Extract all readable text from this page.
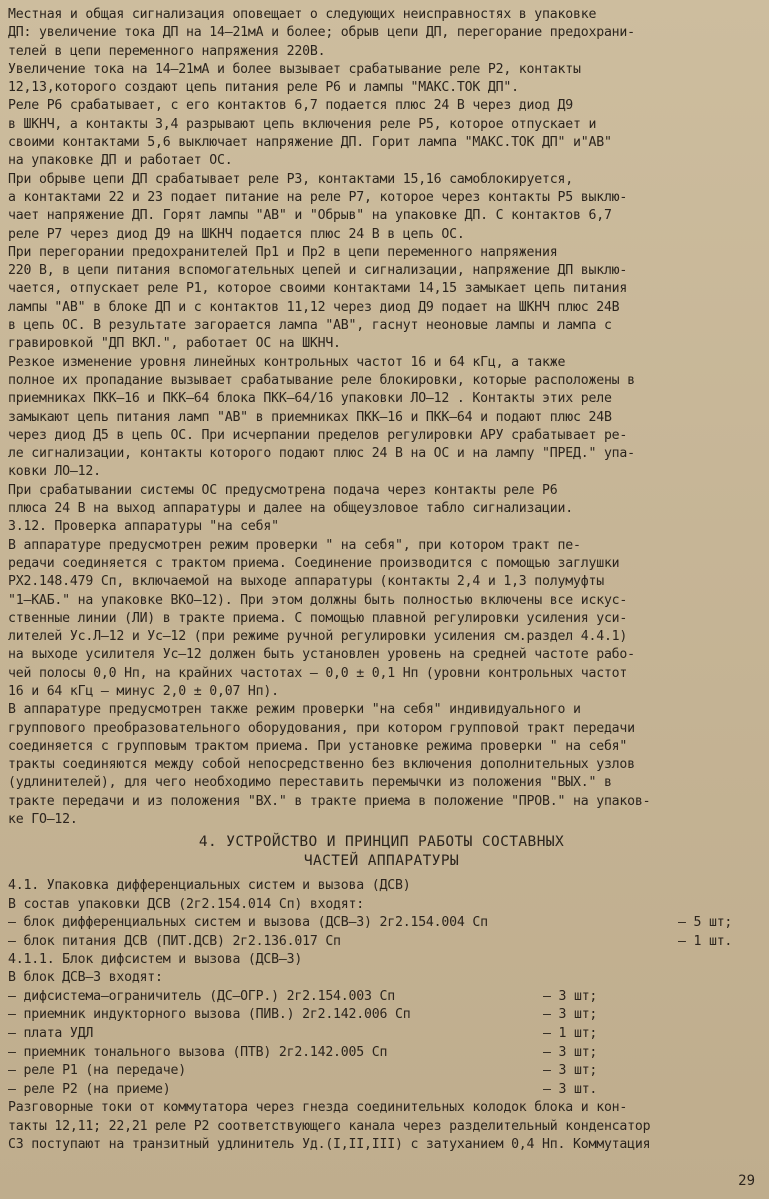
Местная и общая сигнализация оповещает о следующих неисправностях в упаковке
ДП: увеличение тока ДП на 14–21мА и более; обрыв цепи ДП, перегорание предохрани-
телей в цепи переменного напряжения 220В.

Увеличение тока на 14–21мА и более вызывает срабатывание реле Р2, контакты
12,13,которого создают цепь питания реле Р6 и лампы "МАКС.ТОК ДП".
Реле Р6 срабатывает, с его контактов 6,7 подается плюс 24 В через диод Д9
в ШКНЧ, а контакты 3,4 разрывают цепь включения реле Р5, которое отпускает и
своими контактами 5,6 выключает напряжение ДП. Горит лампа "МАКС.ТОК ДП" и"АВ"
на упаковке ДП и работает ОС.

При обрыве цепи ДП срабатывает реле Р3, контактами 15,16 самоблокируется,
а контактами 22 и 23 подает питание на реле Р7, которое через контакты Р5 выклю-
чает напряжение ДП. Горят лампы "АВ" и "Обрыв" на упаковке ДП. С контактов 6,7
реле Р7 через диод Д9 на ШКНЧ подается плюс 24 В в цепь ОС.

При перегорании предохранителей Пр1 и Пр2 в цепи переменного напряжения
220 В, в цепи питания вспомогательных цепей и сигнализации, напряжение ДП выклю-
чается, отпускает реле Р1, которое своими контактами 14,15 замыкает цепь питания
лампы "АВ" в блоке ДП и с контактов 11,12 через диод Д9 подает на ШКНЧ плюс 24В
в цепь ОС. В результате загорается лампа "АВ", гаснут неоновые лампы и лампа с
гравировкой "ДП ВКЛ.", работает ОС на ШКНЧ.

Резкое изменение уровня линейных контрольных частот 16 и 64 кГц, а также
полное их пропадание вызывает срабатывание реле блокировки, которые расположены в
приемниках ПКК–16 и ПКК–64 блока ПКК–64/16 упаковки ЛО–12 . Контакты этих реле
замыкают цепь питания ламп "АВ" в приемниках ПКК–16 и ПКК–64 и подают плюс 24В
через диод Д5 в цепь ОС. При исчерпании пределов регулировки АРУ срабатывает ре-
ле сигнализации, контакты которого подают плюс 24 В на ОС и на лампу "ПРЕД." упа-
ковки ЛО–12.

При срабатывании системы ОС предусмотрена подача через контакты реле Р6
плюса 24 В на выход аппаратуры и далее на общеузловое табло сигнализации.
3.12. Проверка аппаратуры "на себя"

В аппаратуре предусмотрен режим проверки " на себя", при котором тракт пе-
редачи соединяется с трактом приема. Соединение производится с помощью заглушки
РХ2.148.479 Сп, включаемой на выходе аппаратуры (контакты 2,4 и 1,3 полумуфты
"1–КАБ." на упаковке ВКО–12). При этом должны быть полностью включены все искус-
ственные линии (ЛИ) в тракте приема. С помощью плавной регулировки усиления уси-
лителей Ус.Л–12 и Ус–12 (при режиме ручной регулировки усиления см.раздел 4.4.1)
на выходе усилителя Ус–12 должен быть установлен уровень на средней частоте рабо-
чей полосы 0,0 Нп, на крайних частотах – 0,0 ± 0,1 Нп (уровни контрольных частот
16 и 64 кГц – минус 2,0 ± 0,07 Нп).

В аппаратуре предусмотрен также режим проверки "на себя" индивидуального и
группового преобразовательного оборудования, при котором групповой тракт передачи
соединяется с групповым трактом приема. При установке режима проверки " на себя"
тракты соединяются между собой непосредственно без включения дополнительных узлов
(удлинителей), для чего необходимо переставить перемычки из положения "ВЫХ." в
тракте передачи и из положения "ВХ." в тракте приема в положение "ПРОВ." на упаков-
ке ГО–12.

4. УСТРОЙСТВО И ПРИНЦИП РАБОТЫ СОСТАВНЫХ
ЧАСТЕЙ АППАРАТУРЫ

4.1. Упаковка дифференциальных систем и вызова (ДСВ)

В состав упаковки ДСВ (2г2.154.014 Сп) входят:

– блок дифференциальных систем и вызова (ДСВ–3) 2г2.154.004 Сп	– 5 шт;
– блок питания ДСВ (ПИТ.ДСВ) 2г2.136.017 Сп	– 1 шт.

4.1.1. Блок дифсистем и вызова (ДСВ–3)

В блок ДСВ–3 входят:

– дифсистема–ограничитель (ДС–ОГР.) 2г2.154.003 Сп	– 3 шт;
– приемник индукторного вызова (ПИВ.) 2г2.142.006 Сп	– 3 шт;
– плата УДЛ	– 1 шт;
– приемник тонального вызова (ПТВ) 2г2.142.005 Сп	– 3 шт;
– реле Р1 (на передаче)	– 3 шт;
– реле Р2 (на приеме)	– 3 шт.

Разговорные токи от коммутатора через гнезда соединительных колодок блока и кон-
такты 12,11; 22,21 реле Р2 соответствующего канала через разделительный конденсатор
С3 поступают на транзитный удлинитель Уд.(I,II,III) с затуханием 0,4 Нп. Коммутация

29
